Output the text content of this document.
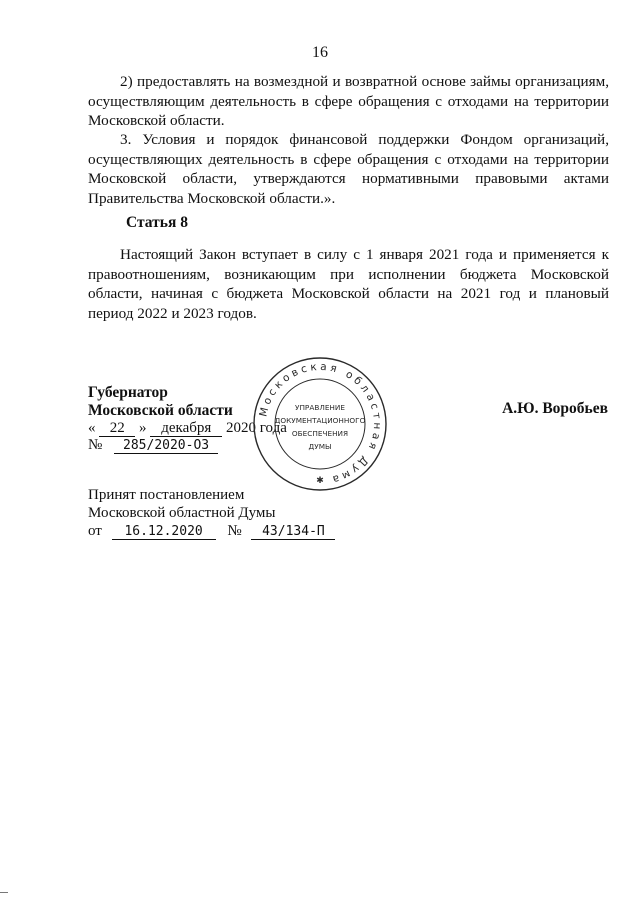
16

2) предоставлять на возмездной и возвратной основе займы организациям, осуществляющим деятельность в сфере обращения с отходами на территории Московской области.

3. Условия и порядок финансовой поддержки Фондом организаций, осуществляющих деятельность в сфере обращения с отходами на территории Московской области, утверждаются нормативными правовыми актами Правительства Московской области.».

Статья 8

Настоящий Закон вступает в силу с 1 января 2021 года и применяется к правоотношениям, возникающим при исполнении бюджета Московской области, начиная с бюджета Московской области на 2021 год и плановый период 2022 и 2023 годов.

Губернатор
Московской области	А.Ю. Воробьев
« 22 » декабря 2020 года
№ 285/2020-ОЗ
Московская областная Дума
✱
УПРАВЛЕНИЕ
ДОКУМЕНТАЦИОННОГО
ОБЕСПЕЧЕНИЯ
ДУМЫ
Принят постановлением
Московской областной Думы
от 16.12.2020 № 43/134-П
